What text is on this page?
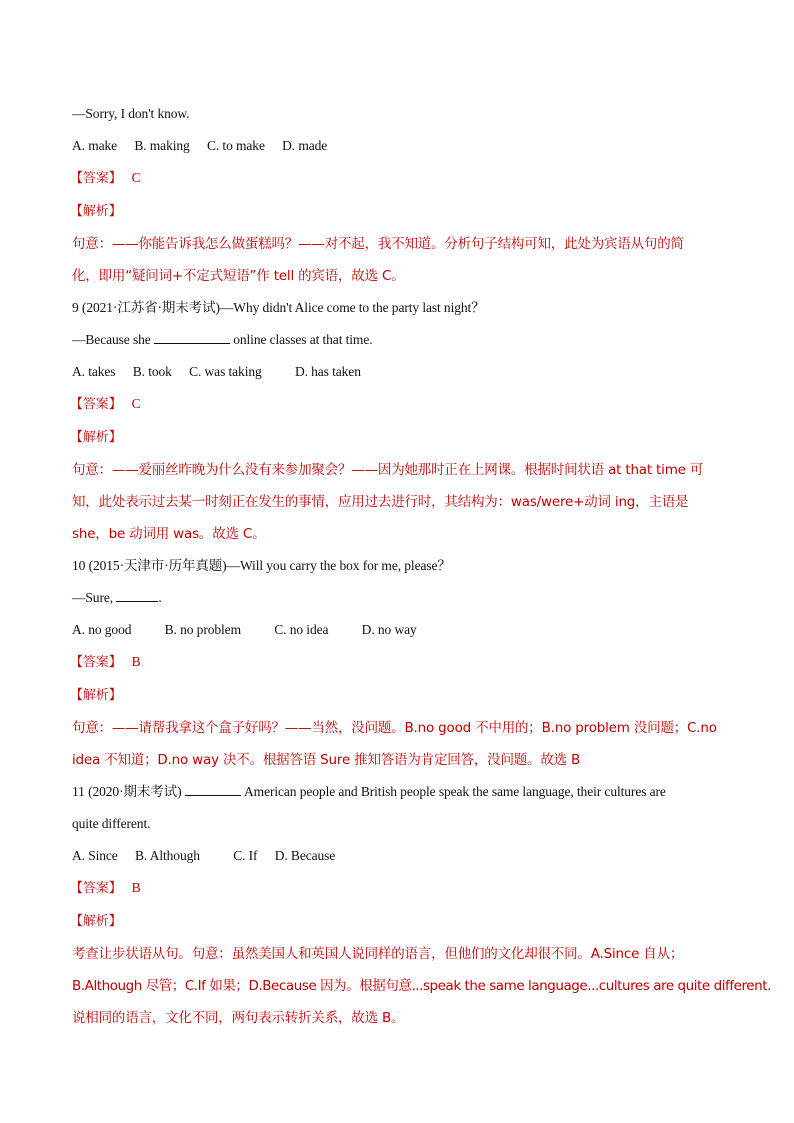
—Sorry, I don't know.
A. make B. making C. to make D. made
【答案】 C
【解析】
句意：——你能告诉我怎么做蛋糕吗？——对不起，我不知道。分析句子结构可知，此处为宾语从句的简
化，即用“疑问词+不定式短语”作 tell 的宾语，故选 C。
9 (2021·江苏省·期末考试)—Why didn't Alice come to the party last night？
—Because she	online classes at that time.
A. takes B. took C. was taking D. has taken
【答案】 C
【解析】
句意：——爱丽丝昨晚为什么没有来参加聚会？——因为她那时正在上网课。根据时间状语 at that time 可
知，此处表示过去某一时刻正在发生的事情，应用过去进行时，其结构为：was/were+动词 ing，主语是
she，be 动词用 was。故选 C。
10 (2015·天津市·历年真题)—Will you carry the box for me, please？
—Sure,	.
A. no good B. no problem C. no idea D. no way
【答案】 B
【解析】
句意：——请帮我拿这个盒子好吗？——当然，没问题。B.no good 不中用的；B.no problem 没问题；C.no
idea 不知道；D.no way 决不。根据答语 Sure 推知答语为肯定回答，没问题。故选 B
11 (2020·期末考试)	American people and British people speak the same language, their cultures are
quite different.
A. Since B. Although C. If D. Because
【答案】 B
【解析】
考查让步状语从句。句意：虽然美国人和英国人说同样的语言，但他们的文化却很不同。A.Since 自从；
B.Although 尽管；C.If 如果；D.Because 因为。根据句意...speak the same language...cultures are quite different.
说相同的语言，文化不同，两句表示转折关系，故选 B。
